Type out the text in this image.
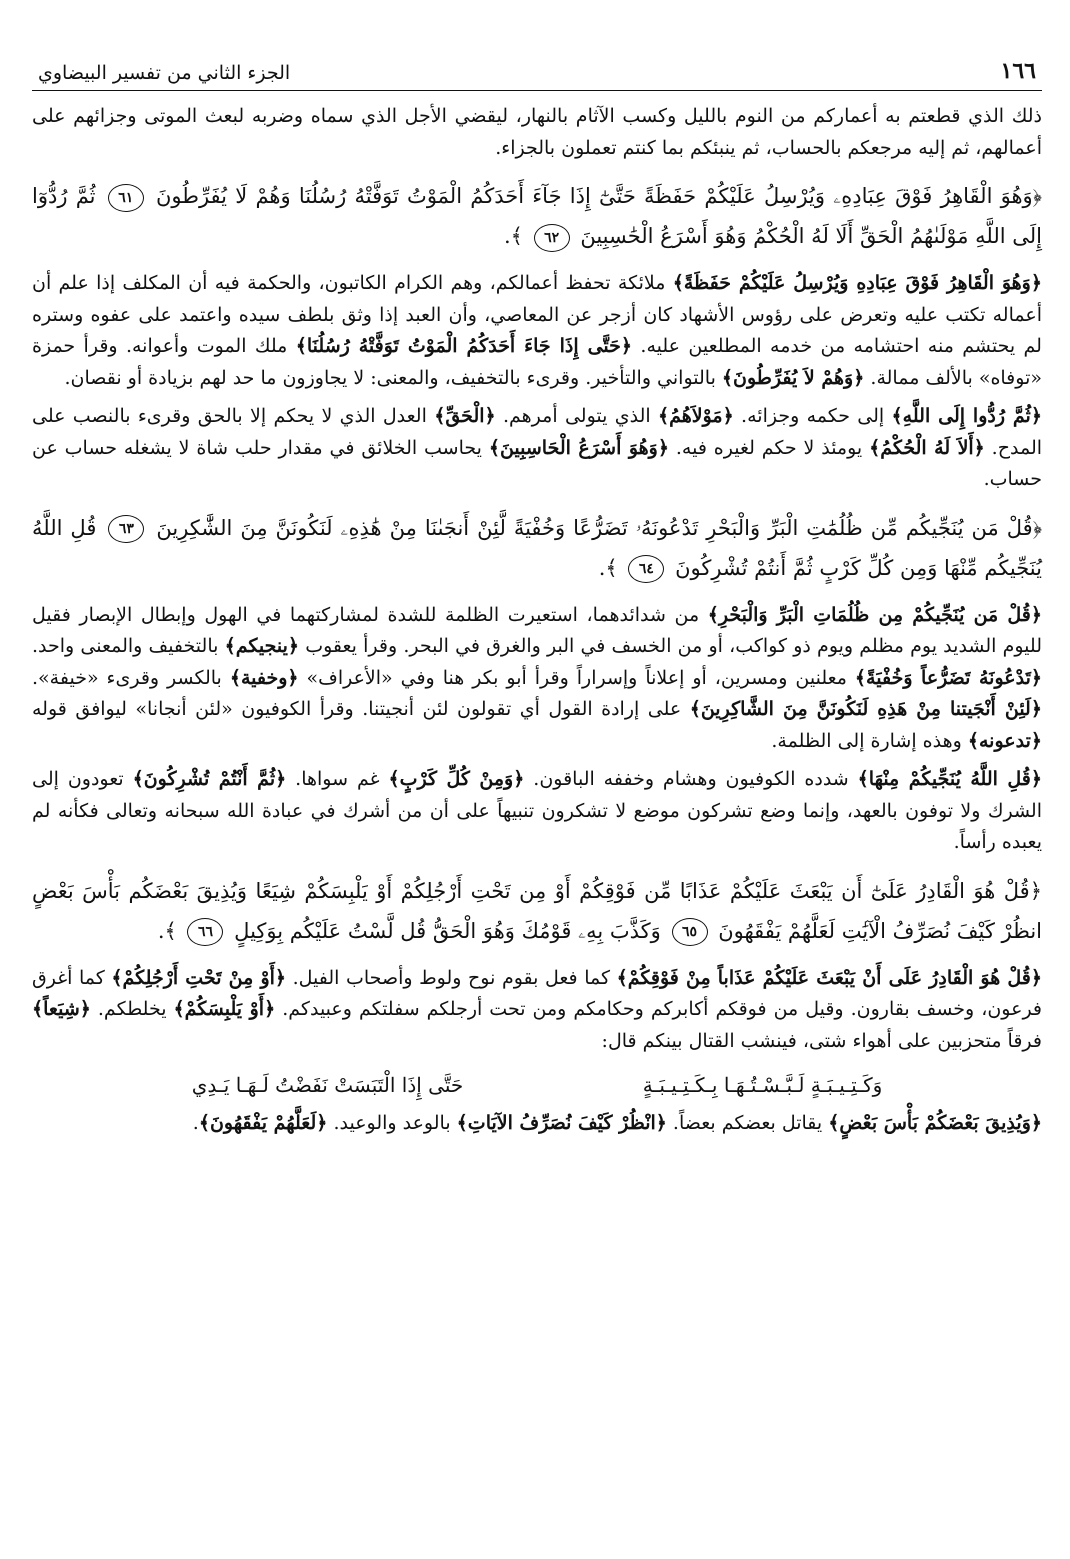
١٦٦
الجزء الثاني من تفسير البيضاوي

ذلك الذي قطعتم به أعماركم من النوم بالليل وكسب الآثام بالنهار، ليقضي الأجل الذي سماه وضربه لبعث الموتى وجزائهم على أعمالهم، ثم إليه مرجعكم بالحساب، ثم ينبئكم بما كنتم تعملون بالجزاء.

﴿وَهُوَ الْقَاهِرُ فَوْقَ عِبَادِهِۦ وَيُرْسِلُ عَلَيْكُمْ حَفَظَةً حَتَّىٰٓ إِذَا جَآءَ أَحَدَكُمُ الْمَوْتُ تَوَفَّتْهُ رُسُلُنَا وَهُمْ لَا يُفَرِّطُونَ ٦١ ثُمَّ رُدُّوٓا إِلَى اللَّهِ مَوْلَىٰهُمُ الْحَقِّ أَلَا لَهُ الْحُكْمُ وَهُوَ أَسْرَعُ الْحَٰسِبِينَ ٦٢ ﴾.

﴿وَهُوَ الْقَاهِرُ فَوْقَ عِبَادِهِ وَيُرْسِلُ عَلَيْكُمْ حَفَظَةً﴾ ملائكة تحفظ أعمالكم، وهم الكرام الكاتبون، والحكمة فيه أن المكلف إذا علم أن أعماله تكتب عليه وتعرض على رؤوس الأشهاد كان أزجر عن المعاصي، وأن العبد إذا وثق بلطف سيده واعتمد على عفوه وستره لم يحتشم منه احتشامه من خدمه المطلعين عليه. ﴿حَتَّى إِذَا جَاءَ أَحَدَكُمُ الْمَوْتُ تَوَفَّتْهُ رُسُلُنَا﴾ ملك الموت وأعوانه. وقرأ حمزة «توفاه» بالألف ممالة. ﴿وَهُمْ لاَ يُفَرِّطُونَ﴾ بالتواني والتأخير. وقرىء بالتخفيف، والمعنى: لا يجاوزون ما حد لهم بزيادة أو نقصان.

﴿ثُمَّ رُدُّوا إِلَى اللَّهِ﴾ إلى حكمه وجزائه. ﴿مَوْلاَهُمُ﴾ الذي يتولى أمرهم. ﴿الْحَقِّ﴾ العدل الذي لا يحكم إلا بالحق وقرىء بالنصب على المدح. ﴿أَلاَ لَهُ الْحُكْمُ﴾ يومئذ لا حكم لغيره فيه. ﴿وَهُوَ أَسْرَعُ الْحَاسِبِينَ﴾ يحاسب الخلائق في مقدار حلب شاة لا يشغله حساب عن حساب.

﴿قُلْ مَن يُنَجِّيكُم مِّن ظُلُمَٰتِ الْبَرِّ وَالْبَحْرِ تَدْعُونَهُۥ تَضَرُّعًا وَخُفْيَةً لَّئِنْ أَنجَىٰنَا مِنْ هَٰذِهِۦ لَنَكُونَنَّ مِنَ الشَّٰكِرِينَ ٦٣ قُلِ اللَّهُ يُنَجِّيكُم مِّنْهَا وَمِن كُلِّ كَرْبٍ ثُمَّ أَنتُمْ تُشْرِكُونَ ٦٤ ﴾.

﴿قُلْ مَن يُنَجِّيكُمْ مِن ظُلُمَاتِ الْبَرِّ وَالْبَحْرِ﴾ من شدائدهما، استعيرت الظلمة للشدة لمشاركتهما في الهول وإبطال الإبصار فقيل لليوم الشديد يوم مظلم ويوم ذو كواكب، أو من الخسف في البر والغرق في البحر. وقرأ يعقوب ﴿ينجيكم﴾ بالتخفيف والمعنى واحد. ﴿تَدْعُونَهُ تَضَرُّعاً وَخُفْيَةً﴾ معلنين ومسرين، أو إعلاناً وإسراراً وقرأ أبو بكر هنا وفي «الأعراف» ﴿وخفية﴾ بالكسر وقرىء «خيفة». ﴿لَئِنْ أَنْجَيتنا مِنْ هَذِهِ لَنَكُونَنَّ مِنَ الشَّاكِرِينَ﴾ على إرادة القول أي تقولون لئن أنجيتنا. وقرأ الكوفيون «لئن أنجانا» ليوافق قوله ﴿تدعونه﴾ وهذه إشارة إلى الظلمة.

﴿قُلِ اللَّهُ يُنَجِّيكُمْ مِنْهَا﴾ شدده الكوفيون وهشام وخففه الباقون. ﴿وَمِنْ كُلِّ كَرْبٍ﴾ غم سواها. ﴿ثُمَّ أَنْتُمْ تُشْرِكُونَ﴾ تعودون إلى الشرك ولا توفون بالعهد، وإنما وضع تشركون موضع لا تشكرون تنبيهاً على أن من أشرك في عبادة الله سبحانه وتعالى فكأنه لم يعبده رأساً.

﴿قُلْ هُوَ الْقَادِرُ عَلَىٰٓ أَن يَبْعَثَ عَلَيْكُمْ عَذَابًا مِّن فَوْقِكُمْ أَوْ مِن تَحْتِ أَرْجُلِكُمْ أَوْ يَلْبِسَكُمْ شِيَعًا وَيُذِيقَ بَعْضَكُم بَأْسَ بَعْضٍ انظُرْ كَيْفَ نُصَرِّفُ الْآيَٰتِ لَعَلَّهُمْ يَفْقَهُونَ ٦٥ وَكَذَّبَ بِهِۦ قَوْمُكَ وَهُوَ الْحَقُّ قُل لَّسْتُ عَلَيْكُم بِوَكِيلٍ ٦٦ ﴾.

﴿قُلْ هُوَ الْقَادِرُ عَلَى أَنْ يَبْعَثَ عَلَيْكُمْ عَذَاباً مِنْ فَوْقِكُمْ﴾ كما فعل بقوم نوح ولوط وأصحاب الفيل. ﴿أَوْ مِنْ تَحْتِ أَرْجُلِكُمْ﴾ كما أغرق فرعون، وخسف بقارون. وقيل من فوقكم أكابركم وحكامكم ومن تحت أرجلكم سفلتكم وعبيدكم. ﴿أَوْ يَلْبِسَكُمْ﴾ يخلطكم. ﴿شِيَعاً﴾ فرقاً متحزبين على أهواء شتى، فينشب القتال بينكم قال:

وَكَـتِـيـبَـةٍ لَـبَّـسْـتُـهَـا بِـكَـتِـيـبَـةٍ
حَتَّى إِذَا الْتَبَسَتْ نَفَضْتُ لَـهَـا يَـدِي

﴿وَيُذِيقَ بَعْضَكُمْ بَأْسَ بَعْضٍ﴾ يقاتل بعضكم بعضاً. ﴿انْظُرْ كَيْفَ نُصَرِّفُ الآيَاتِ﴾ بالوعد والوعيد. ﴿لَعَلَّهُمْ يَفْقَهُونَ﴾.
